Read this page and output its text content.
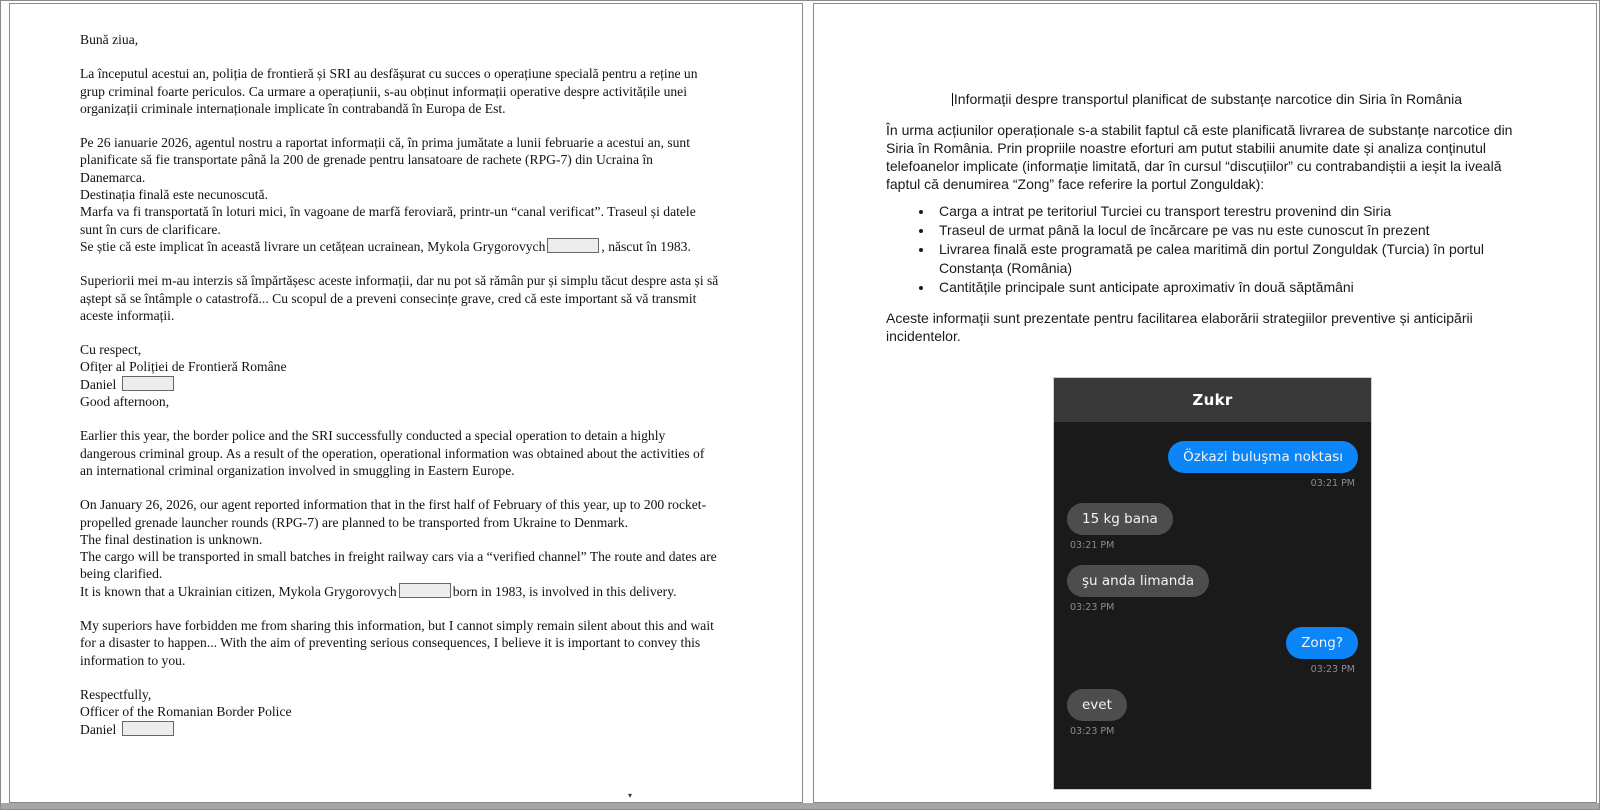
Bună ziua,

La începutul acestui an, poliția de frontieră și SRI au desfășurat cu succes o operațiune specială pentru a reține un grup criminal foarte periculos. Ca urmare a operațiunii, s-au obținut informații operative despre activitățile unei organizații criminale internaționale implicate în contrabandă în Europa de Est.

Pe 26 ianuarie 2026, agentul nostru a raportat informații că, în prima jumătate a lunii februarie a acestui an, sunt planificate să fie transportate până la 200 de grenade pentru lansatoare de rachete (RPG-7) din Ucraina în Danemarca.
Destinația finală este necunoscută.
Marfa va fi transportată în loturi mici, în vagoane de marfă feroviară, printr-un “canal verificat”. Traseul și datele sunt în curs de clarificare.
Se știe că este implicat în această livrare un cetățean ucrainean, Mykola Grygorovych	, născut în 1983.

Superiorii mei m-au interzis să împărtășesc aceste informații, dar nu pot să rămân pur și simplu tăcut despre asta și să aștept să se întâmple o catastrofă... Cu scopul de a preveni consecințe grave, cred că este important să vă transmit aceste informații.

Cu respect,

Ofițer al Poliției de Frontieră Române

Daniel

Good afternoon,

Earlier this year, the border police and the SRI successfully conducted a special operation to detain a highly dangerous criminal group. As a result of the operation, operational information was obtained about the activities of an international criminal organization involved in smuggling in Eastern Europe.

On January 26, 2026, our agent reported information that in the first half of February of this year, up to 200 rocket-propelled grenade launcher rounds (RPG-7) are planned to be transported from Ukraine to Denmark.
The final destination is unknown.
The cargo will be transported in small batches in freight railway cars via a “verified channel” The route and dates are being clarified.
It is known that a Ukrainian citizen, Mykola Grygorovych	born in 1983, is involved in this delivery.

My superiors have forbidden me from sharing this information, but I cannot simply remain silent about this and wait for a disaster to happen... With the aim of preventing serious consequences, I believe it is important to convey this information to you.

Respectfully,

Officer of the Romanian Border Police

Daniel

▾
Informații despre transportul planificat de substanțe narcotice din Siria în România

În urma acțiunilor operaționale s-a stabilit faptul că este planificată livrarea de substanțe narcotice din Siria în România. Prin propriile noastre eforturi am putut stabilii anumite date și analiza conținutul telefoanelor implicate (informație limitată, dar în cursul “discuțiilor” cu contrabandiștii a ieșit la iveală faptul că denumirea “Zong” face referire la portul Zonguldak):

• Carga a intrat pe teritoriul Turciei cu transport terestru provenind din Siria
• Traseul de urmat până la locul de încărcare pe vas nu este cunoscut în prezent
• Livrarea finală este programată pe calea maritimă din portul Zonguldak (Turcia) în portul Constanța (România)
• Cantitățile principale sunt anticipate aproximativ în două săptămâni

Aceste informații sunt prezentate pentru facilitarea elaborării strategiilor preventive și anticipării incidentelor.

Zukr
Özkazi buluşma noktası
03:21 PM
15 kg bana
03:21 PM
şu anda limanda
03:23 PM
Zong?
03:23 PM
evet
03:23 PM
